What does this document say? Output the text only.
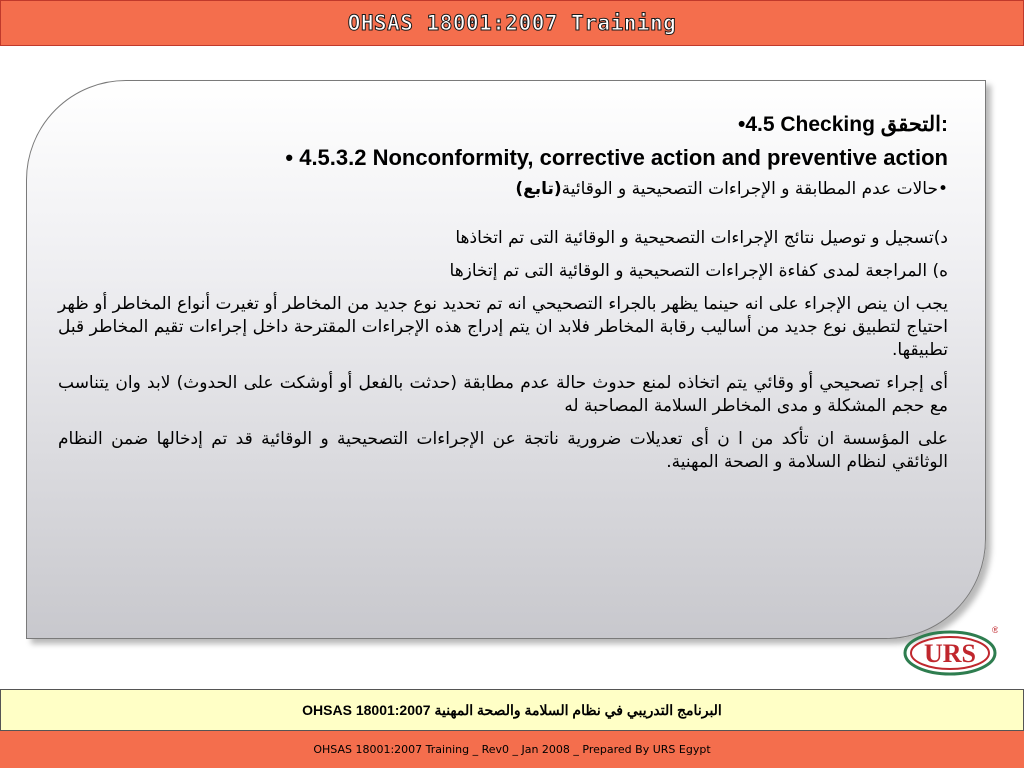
OHSAS 18001:2007 Training
•4.5 Checking التحقق:
• 4.5.3.2 Nonconformity, corrective action and preventive action
•حالات عدم المطابقة و الإجراءات التصحيحية و الوقائية(تابع)
د)تسجيل و توصيل نتائج الإجراءات التصحيحية و الوقائية التى تم اتخاذها
ه) المراجعة لمدى كفاءة الإجراءات التصحيحية و الوقائية التى تم إتخازها
يجب ان ينص الإجراء على انه حينما يظهر بالجراء التصحيحي انه تم تحديد نوع جديد من المخاطر أو تغيرت أنواع المخاطر أو ظهر احتياج لتطبيق نوع جديد من أساليب رقابة المخاطر فلابد ان يتم إدراج هذه الإجراءات المقترحة داخل إجراءات تقيم المخاطر قبل تطبيقها.
أى إجراء تصحيحي أو وقائي يتم اتخاذه لمنع حدوث حالة عدم مطابقة (حدثت بالفعل أو أوشكت على الحدوث) لابد وان يتناسب مع حجم المشكلة و مدى المخاطر السلامة المصاحبة له
على المؤسسة ان تأكد من ا ن أى تعديلات ضرورية ناتجة عن الإجراءات التصحيحية و الوقائية قد تم إدخالها ضمن النظام الوثائقي لنظام السلامة و الصحة المهنية.
URS
®
البرنامج التدريبي في نظام السلامة والصحة المهنية OHSAS 18001:2007
OHSAS 18001:2007 Training _ Rev0 _ Jan 2008 _ Prepared By URS Egypt
